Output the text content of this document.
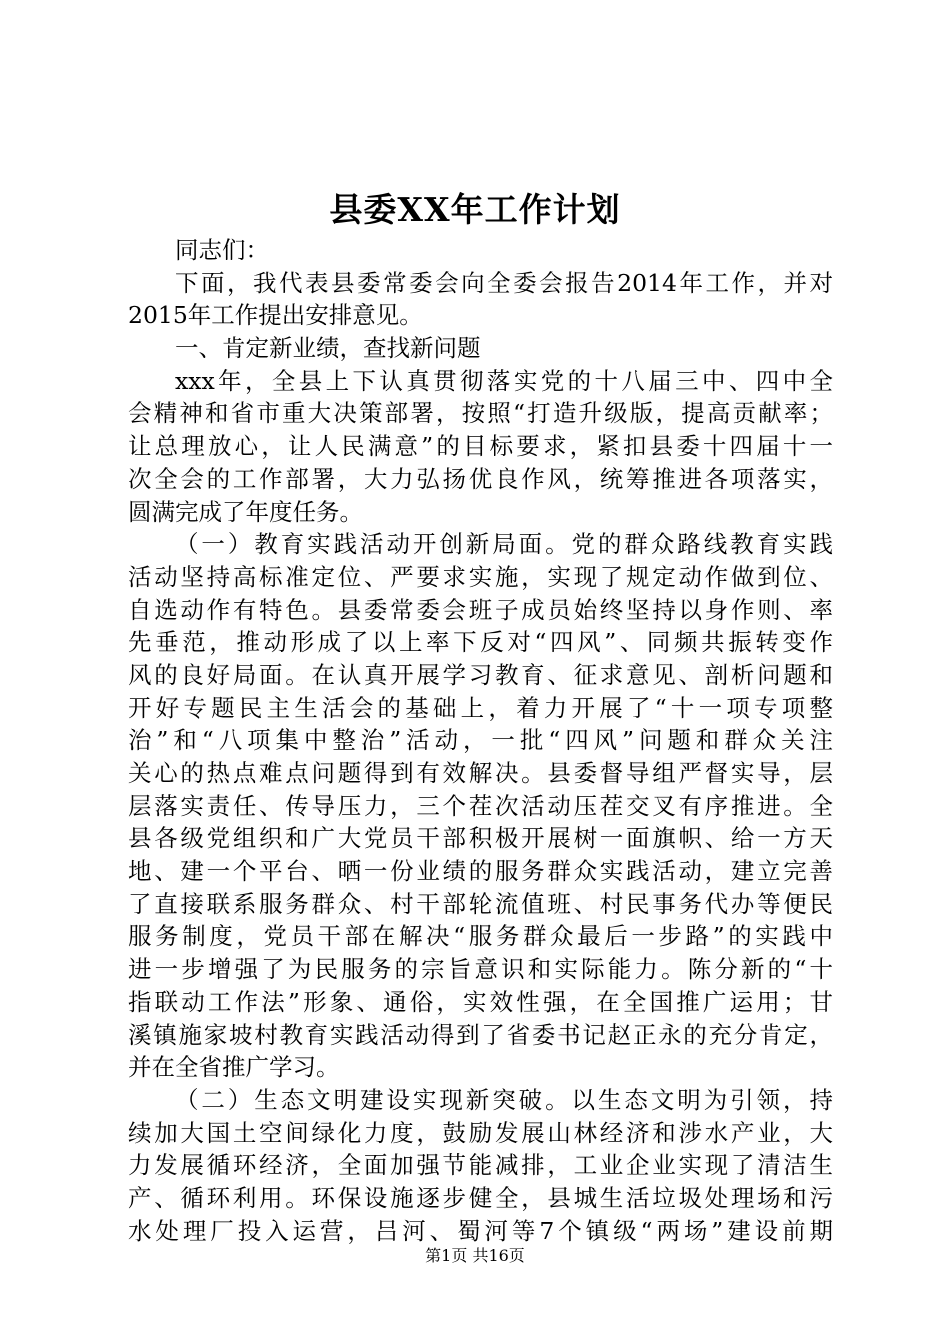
县委XX年工作计划
同志们：
下面，我代表县委常委会向全委会报告2014年工作，并对
2015年工作提出安排意见。
一、肯定新业绩，查找新问题
xxx年，全县上下认真贯彻落实党的十八届三中、四中全
会精神和省市重大决策部署，按照“打造升级版，提高贡献率；
让总理放心，让人民满意”的目标要求，紧扣县委十四届十一
次全会的工作部署，大力弘扬优良作风，统筹推进各项落实，
圆满完成了年度任务。
（一）教育实践活动开创新局面。党的群众路线教育实践
活动坚持高标准定位、严要求实施，实现了规定动作做到位、
自选动作有特色。县委常委会班子成员始终坚持以身作则、率
先垂范，推动形成了以上率下反对“四风”、同频共振转变作
风的良好局面。在认真开展学习教育、征求意见、剖析问题和
开好专题民主生活会的基础上，着力开展了“十一项专项整
治”和“八项集中整治”活动，一批“四风”问题和群众关注
关心的热点难点问题得到有效解决。县委督导组严督实导，层
层落实责任、传导压力，三个茬次活动压茬交叉有序推进。全
县各级党组织和广大党员干部积极开展树一面旗帜、给一方天
地、建一个平台、晒一份业绩的服务群众实践活动，建立完善
了直接联系服务群众、村干部轮流值班、村民事务代办等便民
服务制度，党员干部在解决“服务群众最后一步路”的实践中
进一步增强了为民服务的宗旨意识和实际能力。陈分新的“十
指联动工作法”形象、通俗，实效性强，在全国推广运用；甘
溪镇施家坡村教育实践活动得到了省委书记赵正永的充分肯定，
并在全省推广学习。
（二）生态文明建设实现新突破。以生态文明为引领，持
续加大国土空间绿化力度，鼓励发展山林经济和涉水产业，大
力发展循环经济，全面加强节能减排，工业企业实现了清洁生
产、循环利用。环保设施逐步健全，县城生活垃圾处理场和污
水处理厂投入运营，吕河、蜀河等7个镇级“两场”建设前期
第1页 共16页
